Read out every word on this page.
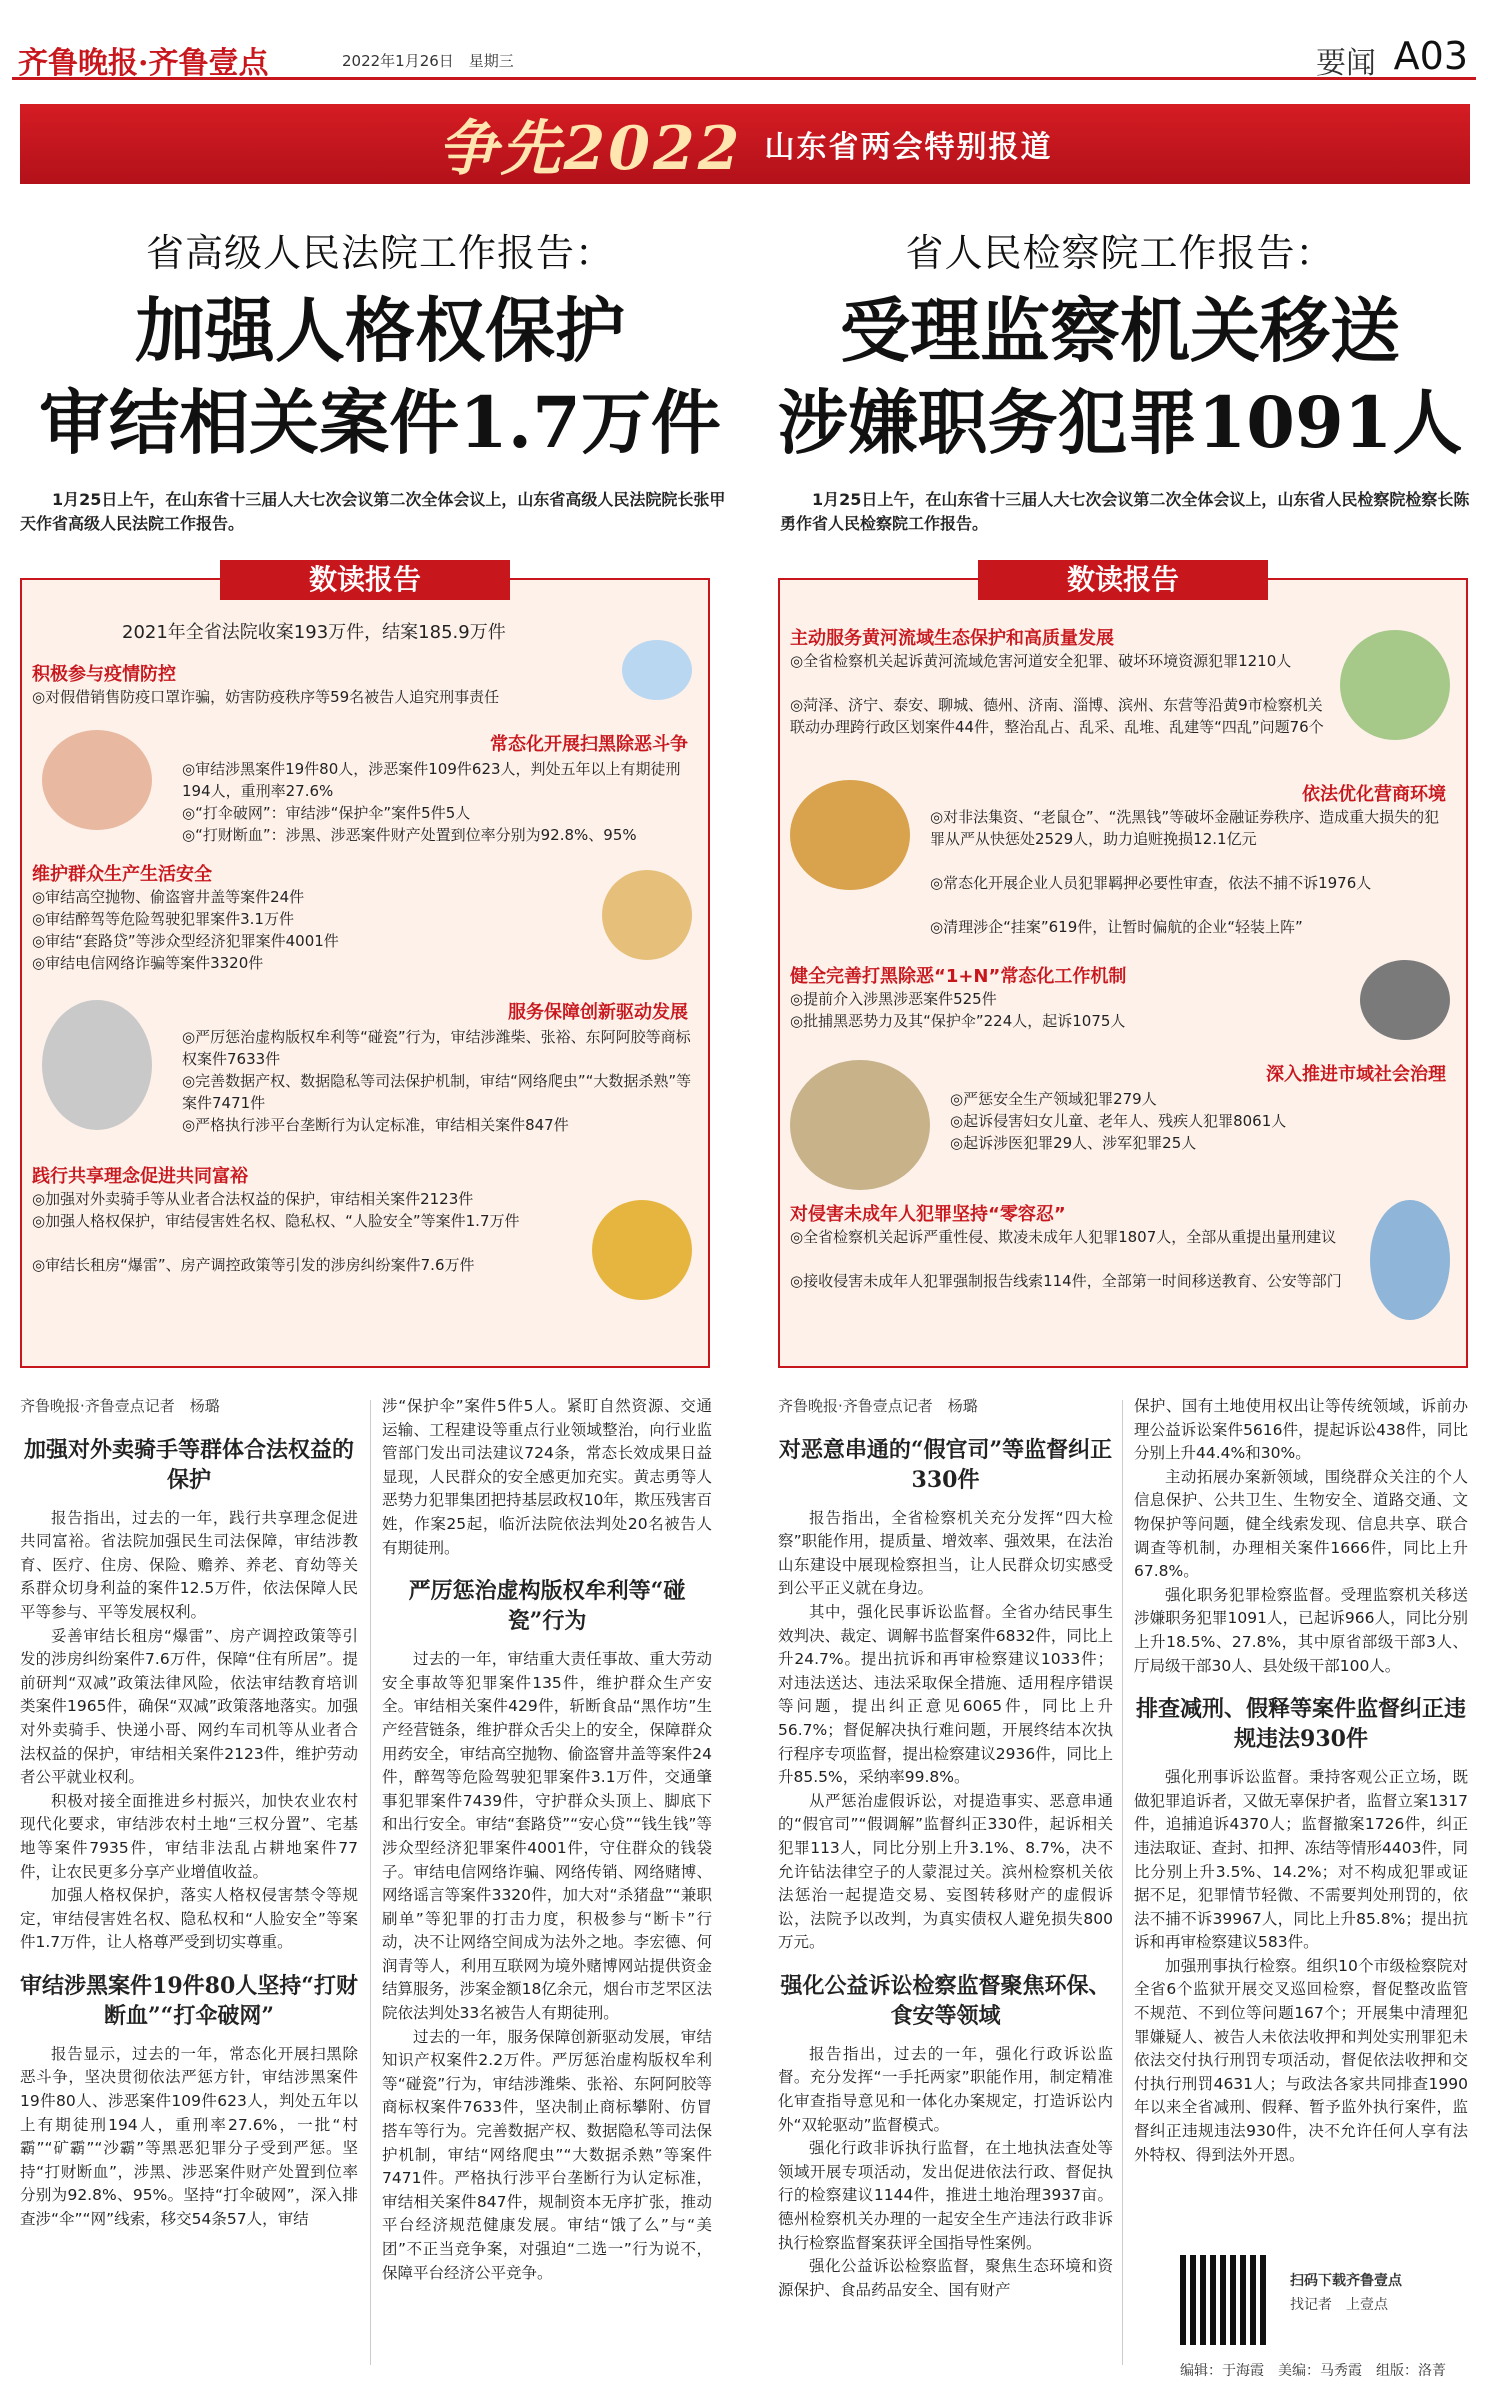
齐鲁晚报·齐鲁壹点	2022年1月26日　星期三	要闻 A03
争先2022 山东省两会特别报道
省高级人民法院工作报告：
加强人格权保护
审结相关案件1.7万件
1月25日上午，在山东省十三届人大七次会议第二次全体会议上，山东省高级人民法院院长张甲天作省高级人民法院工作报告。
省人民检察院工作报告：
受理监察机关移送
涉嫌职务犯罪1091人
1月25日上午，在山东省十三届人大七次会议第二次全体会议上，山东省人民检察院检察长陈勇作省人民检察院工作报告。
数读报告
2021年全省法院收案193万件，结案185.9万件
积极参与疫情防控
◎对假借销售防疫口罩诈骗，妨害防疫秩序等59名被告人追究刑事责任
常态化开展扫黑除恶斗争
◎审结涉黑案件19件80人，涉恶案件109件623人，判处五年以上有期徒刑194人，重刑率27.6%
◎“打伞破网”：审结涉“保护伞”案件5件5人
◎“打财断血”：涉黑、涉恶案件财产处置到位率分别为92.8%、95%
维护群众生产生活安全
◎审结高空抛物、偷盗窨井盖等案件24件
◎审结醉驾等危险驾驶犯罪案件3.1万件
◎审结“套路贷”等涉众型经济犯罪案件4001件
◎审结电信网络诈骗等案件3320件
服务保障创新驱动发展
◎严厉惩治虚构版权牟利等“碰瓷”行为，审结涉潍柴、张裕、东阿阿胶等商标权案件7633件
◎完善数据产权、数据隐私等司法保护机制，审结“网络爬虫”“大数据杀熟”等案件7471件
◎严格执行涉平台垄断行为认定标准，审结相关案件847件
践行共享理念促进共同富裕
◎加强对外卖骑手等从业者合法权益的保护，审结相关案件2123件
◎加强人格权保护，审结侵害姓名权、隐私权、“人脸安全”等案件1.7万件
◎审结长租房“爆雷”、房产调控政策等引发的涉房纠纷案件7.6万件
数读报告
主动服务黄河流域生态保护和高质量发展
◎全省检察机关起诉黄河流域危害河道安全犯罪、破坏环境资源犯罪1210人
◎菏泽、济宁、泰安、聊城、德州、济南、淄博、滨州、东营等沿黄9市检察机关联动办理跨行政区划案件44件，整治乱占、乱采、乱堆、乱建等“四乱”问题76个
依法优化营商环境
◎对非法集资、“老鼠仓”、“洗黑钱”等破坏金融证券秩序、造成重大损失的犯罪从严从快惩处2529人，助力追赃挽损12.1亿元
◎常态化开展企业人员犯罪羁押必要性审查，依法不捕不诉1976人
◎清理涉企“挂案”619件，让暂时偏航的企业“轻装上阵”
健全完善打黑除恶“1+N”常态化工作机制
◎提前介入涉黑涉恶案件525件
◎批捕黑恶势力及其“保护伞”224人，起诉1075人
深入推进市域社会治理
◎严惩安全生产领域犯罪279人
◎起诉侵害妇女儿童、老年人、残疾人犯罪8061人
◎起诉涉医犯罪29人、涉军犯罪25人
对侵害未成年人犯罪坚持“零容忍”
◎全省检察机关起诉严重性侵、欺凌未成年人犯罪1807人，全部从重提出量刑建议
◎接收侵害未成年人犯罪强制报告线索114件，全部第一时间移送教育、公安等部门
齐鲁晚报·齐鲁壹点记者　杨璐
加强对外卖骑手等群体合法权益的保护

报告指出，过去的一年，践行共享理念促进共同富裕。省法院加强民生司法保障，审结涉教育、医疗、住房、保险、赡养、养老、育幼等关系群众切身利益的案件12.5万件，依法保障人民平等参与、平等发展权利。

妥善审结长租房“爆雷”、房产调控政策等引发的涉房纠纷案件7.6万件，保障“住有所居”。提前研判“双减”政策法律风险，依法审结教育培训类案件1965件，确保“双减”政策落地落实。加强对外卖骑手、快递小哥、网约车司机等从业者合法权益的保护，审结相关案件2123件，维护劳动者公平就业权利。

积极对接全面推进乡村振兴，加快农业农村现代化要求，审结涉农村土地“三权分置”、宅基地等案件7935件，审结非法乱占耕地案件77件，让农民更多分享产业增值收益。

加强人格权保护，落实人格权侵害禁令等规定，审结侵害姓名权、隐私权和“人脸安全”等案件1.7万件，让人格尊严受到切实尊重。

审结涉黑案件19件80人坚持“打财断血”“打伞破网”

报告显示，过去的一年，常态化开展扫黑除恶斗争，坚决贯彻依法严惩方针，审结涉黑案件19件80人、涉恶案件109件623人，判处五年以上有期徒刑194人，重刑率27.6%，一批“村霸”“矿霸”“沙霸”等黑恶犯罪分子受到严惩。坚持“打财断血”，涉黑、涉恶案件财产处置到位率分别为92.8%、95%。坚持“打伞破网”，深入排查涉“伞”“网”线索，移交54条57人，审结

涉“保护伞”案件5件5人。紧盯自然资源、交通运输、工程建设等重点行业领域整治，向行业监管部门发出司法建议724条，常态长效成果日益显现，人民群众的安全感更加充实。黄志勇等人恶势力犯罪集团把持基层政权10年，欺压残害百姓，作案25起，临沂法院依法判处20名被告人有期徒刑。

严厉惩治虚构版权牟利等“碰瓷”行为

过去的一年，审结重大责任事故、重大劳动安全事故等犯罪案件135件，维护群众生产安全。审结相关案件429件，斩断食品“黑作坊”生产经营链条，维护群众舌尖上的安全，保障群众用药安全，审结高空抛物、偷盗窨井盖等案件24件，醉驾等危险驾驶犯罪案件3.1万件，交通肇事犯罪案件7439件，守护群众头顶上、脚底下和出行安全。审结“套路贷”“安心贷”“钱生钱”等涉众型经济犯罪案件4001件，守住群众的钱袋子。审结电信网络诈骗、网络传销、网络赌博、网络谣言等案件3320件，加大对“杀猪盘”“兼职刷单”等犯罪的打击力度，积极参与“断卡”行动，决不让网络空间成为法外之地。李宏德、何润青等人，利用互联网为境外赌博网站提供资金结算服务，涉案金额18亿余元，烟台市芝罘区法院依法判处33名被告人有期徒刑。

过去的一年，服务保障创新驱动发展，审结知识产权案件2.2万件。严厉惩治虚构版权牟利等“碰瓷”行为，审结涉潍柴、张裕、东阿阿胶等商标权案件7633件，坚决制止商标攀附、仿冒搭车等行为。完善数据产权、数据隐私等司法保护机制，审结“网络爬虫”“大数据杀熟”等案件7471件。严格执行涉平台垄断行为认定标准，审结相关案件847件，规制资本无序扩张，推动平台经济规范健康发展。审结“饿了么”与“美团”不正当竞争案，对强迫“二选一”行为说不，保障平台经济公平竞争。

齐鲁晚报·齐鲁壹点记者　杨璐
对恶意串通的“假官司”等监督纠正330件

报告指出，全省检察机关充分发挥“四大检察”职能作用，提质量、增效率、强效果，在法治山东建设中展现检察担当，让人民群众切实感受到公平正义就在身边。

其中，强化民事诉讼监督。全省办结民事生效判决、裁定、调解书监督案件6832件，同比上升24.7%。提出抗诉和再审检察建议1033件；对违法送达、违法采取保全措施、适用程序错误等问题，提出纠正意见6065件，同比上升56.7%；督促解决执行难问题，开展终结本次执行程序专项监督，提出检察建议2936件，同比上升85.5%，采纳率99.8%。

从严惩治虚假诉讼，对提造事实、恶意串通的“假官司”“假调解”监督纠正330件，起诉相关犯罪113人，同比分别上升3.1%、8.7%，决不允许钻法律空子的人蒙混过关。滨州检察机关依法惩治一起提造交易、妄图转移财产的虚假诉讼，法院予以改判，为真实债权人避免损失800万元。

强化公益诉讼检察监督聚焦环保、食安等领域

报告指出，过去的一年，强化行政诉讼监督。充分发挥“一手托两家”职能作用，制定精准化审查指导意见和一体化办案规定，打造诉讼内外“双轮驱动”监督模式。

强化行政非诉执行监督，在土地执法查处等领域开展专项活动，发出促进依法行政、督促执行的检察建议1144件，推进土地治理3937亩。德州检察机关办理的一起安全生产违法行政非诉执行检察监督案获评全国指导性案例。

强化公益诉讼检察监督，聚焦生态环境和资源保护、食品药品安全、国有财产

保护、国有土地使用权出让等传统领域，诉前办理公益诉讼案件5616件，提起诉讼438件，同比分别上升44.4%和30%。

主动拓展办案新领域，围绕群众关注的个人信息保护、公共卫生、生物安全、道路交通、文物保护等问题，健全线索发现、信息共享、联合调查等机制，办理相关案件1666件，同比上升67.8%。

强化职务犯罪检察监督。受理监察机关移送涉嫌职务犯罪1091人，已起诉966人，同比分别上升18.5%、27.8%，其中原省部级干部3人、厅局级干部30人、县处级干部100人。

排查减刑、假释等案件监督纠正违规违法930件

强化刑事诉讼监督。秉持客观公正立场，既做犯罪追诉者，又做无辜保护者，监督立案1317件，追捕追诉4370人；监督撤案1726件，纠正违法取证、查封、扣押、冻结等情形4403件，同比分别上升3.5%、14.2%；对不构成犯罪或证据不足，犯罪情节轻微、不需要判处刑罚的，依法不捕不诉39967人，同比上升85.8%；提出抗诉和再审检察建议583件。

加强刑事执行检察。组织10个市级检察院对全省6个监狱开展交叉巡回检察，督促整改监管不规范、不到位等问题167个；开展集中清理犯罪嫌疑人、被告人未依法收押和判处实刑罪犯未依法交付执行刑罚专项活动，督促依法收押和交付执行刑罚4631人；与政法各家共同排查1990年以来全省减刑、假释、暂予监外执行案件，监督纠正违规违法930件，决不允许任何人享有法外特权、得到法外开恩。

扫码下载齐鲁壹点
找记者　上壹点
编辑：于海霞　美编：马秀霞　组版：洛菁
